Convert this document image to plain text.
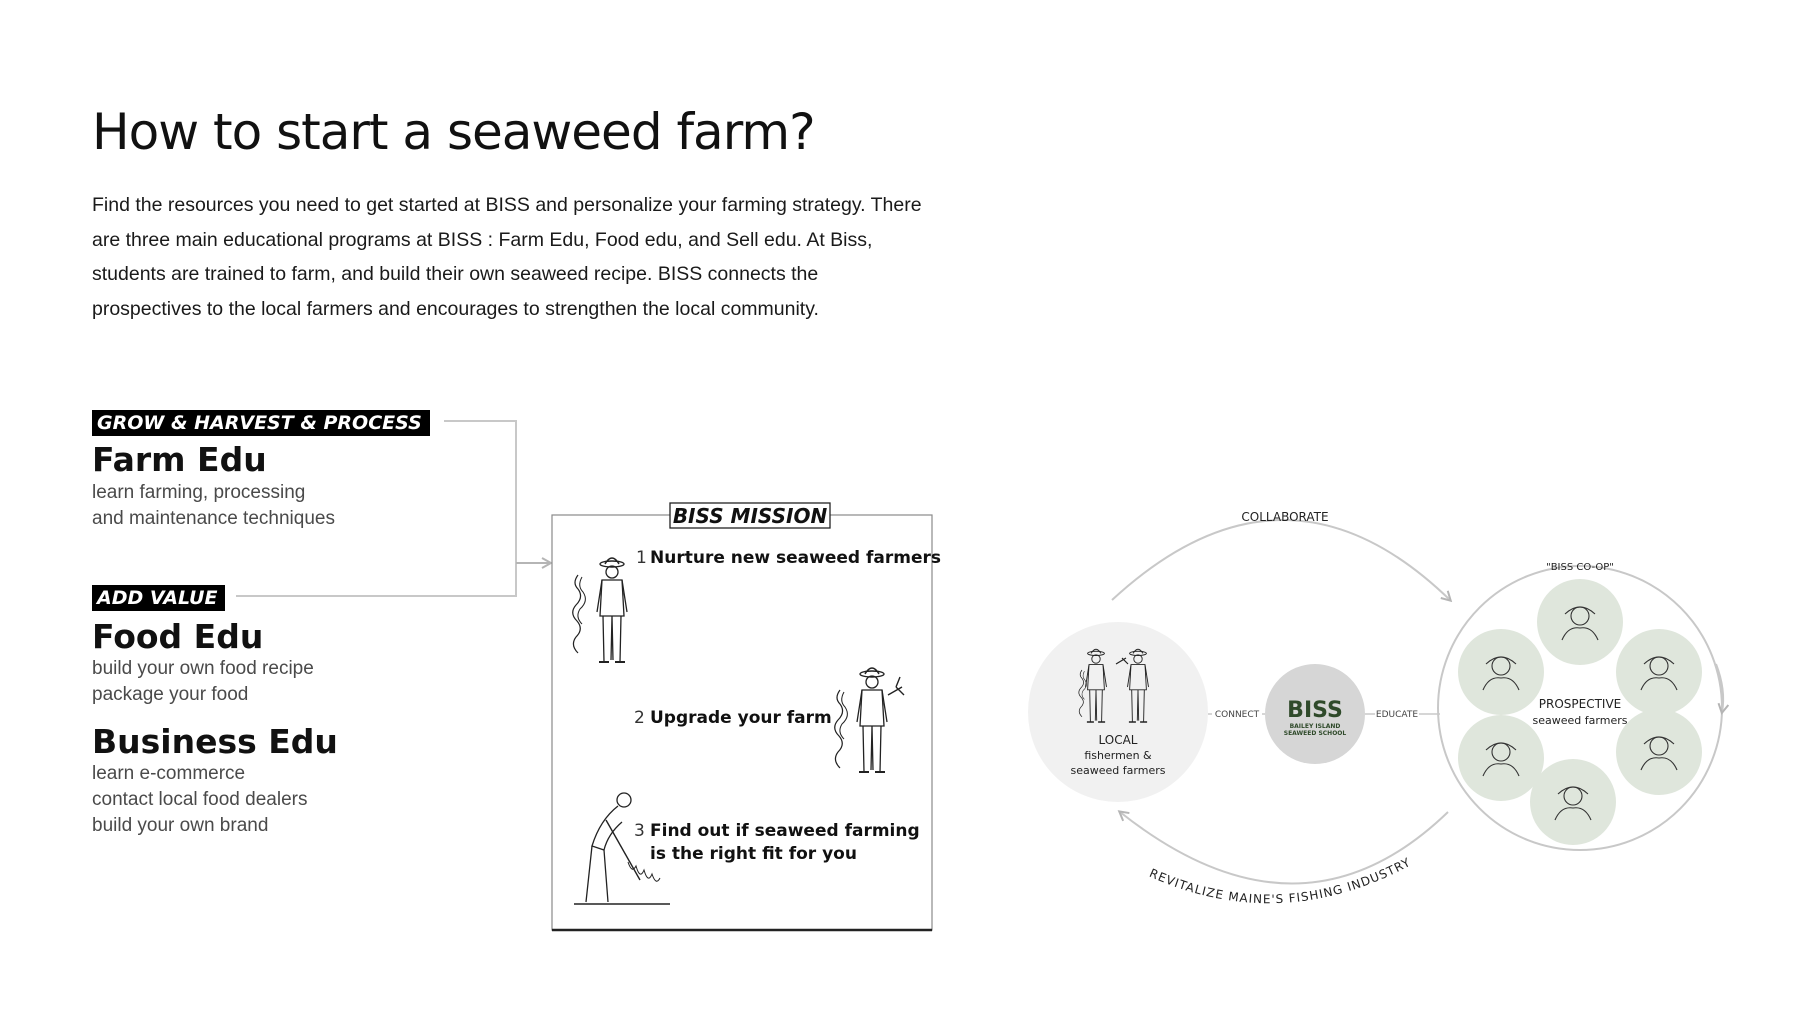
How to start a seaweed farm?
Find the resources you need to get started at BISS and personalize your farming strategy. There
are three main educational programs at BISS : Farm Edu, Food edu, and Sell edu. At Biss,
students are trained to farm, and build their own seaweed recipe. BISS connects the
prospectives to the local farmers and encourages to strengthen the local community.
GROW & HARVEST & PROCESS
Farm Edu
learn farming, processing
and maintenance techniques
ADD VALUE
Food Edu
build your own food recipe
package your food
Business Edu
learn e-commerce
contact local food dealers
build your own brand
BISS MISSION
1 Nurture new seaweed farmers
2 Upgrade your farm
3 Find out if seaweed farming
is the right fit for you
COLLABORATE
REVITALIZE MAINE'S FISHING INDUSTRY
LOCAL
fishermen &
seaweed farmers
CONNECT	EDUCATE
BISS
BAILEY ISLAND
SEAWEED SCHOOL
"BISS CO-OP"
PROSPECTIVE
seaweed farmers
